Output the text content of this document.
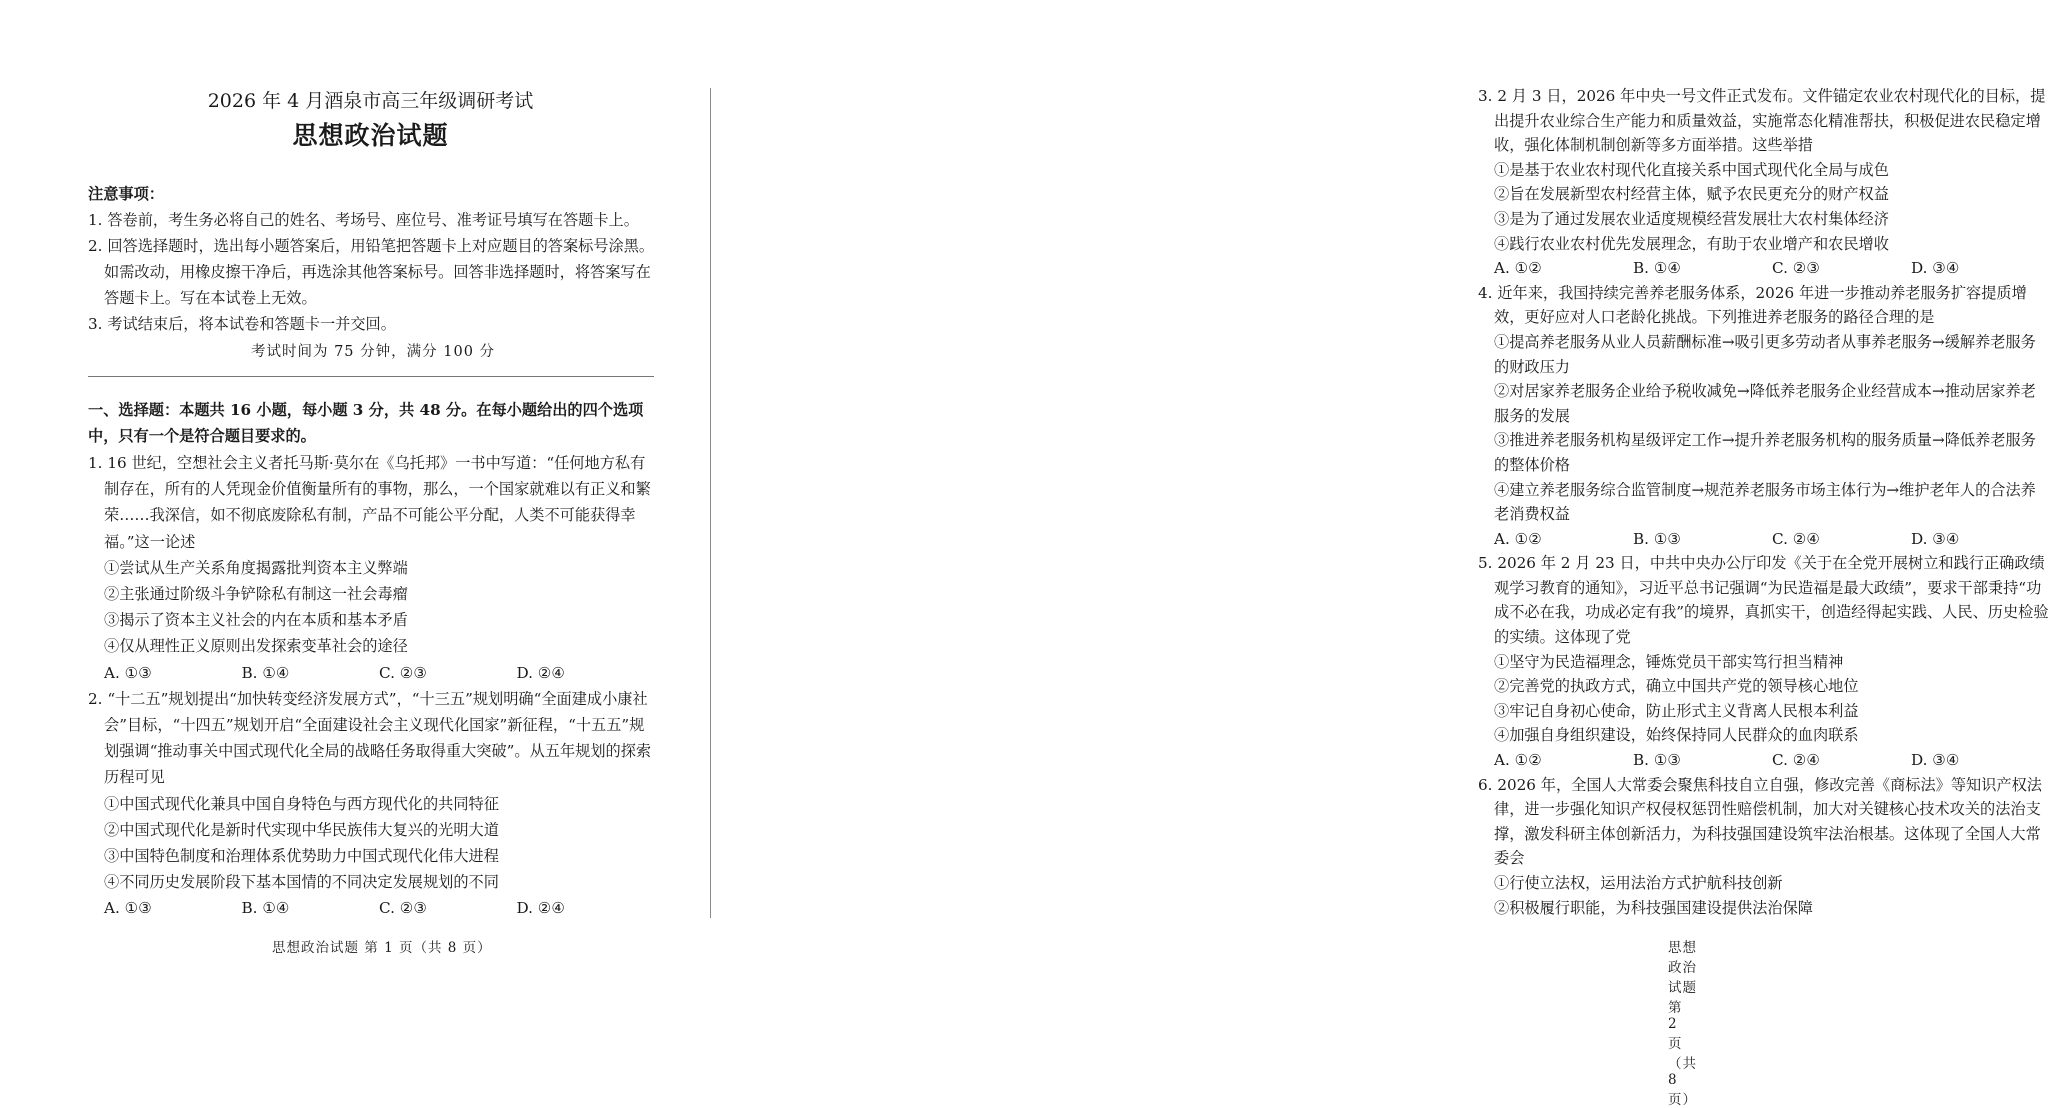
2026 年 4 月酒泉市高三年级调研考试
思想政治试题
注意事项：
1. 答卷前，考生务必将自己的姓名、考场号、座位号、准考证号填写在答题卡上。
2. 回答选择题时，选出每小题答案后，用铅笔把答题卡上对应题目的答案标号涂黑。如需改动，用橡皮擦干净后，再选涂其他答案标号。回答非选择题时，将答案写在答题卡上。写在本试卷上无效。
3. 考试结束后，将本试卷和答题卡一并交回。
考试时间为 75 分钟，满分 100 分
一、选择题：本题共 16 小题，每小题 3 分，共 48 分。在每小题给出的四个选项中，只有一个是符合题目要求的。
1. 16 世纪，空想社会主义者托马斯·莫尔在《乌托邦》一书中写道：“任何地方私有制存在，所有的人凭现金价值衡量所有的事物，那么，一个国家就难以有正义和繁荣……我深信，如不彻底废除私有制，产品不可能公平分配，人类不可能获得幸福。”这一论述
①尝试从生产关系角度揭露批判资本主义弊端
②主张通过阶级斗争铲除私有制这一社会毒瘤
③揭示了资本主义社会的内在本质和基本矛盾
④仅从理性正义原则出发探索变革社会的途径
A. ①③	B. ①④	C. ②③	D. ②④
2. “十二五”规划提出“加快转变经济发展方式”，“十三五”规划明确“全面建成小康社会”目标，“十四五”规划开启“全面建设社会主义现代化国家”新征程，“十五五”规划强调“推动事关中国式现代化全局的战略任务取得重大突破”。从五年规划的探索历程可见
①中国式现代化兼具中国自身特色与西方现代化的共同特征
②中国式现代化是新时代实现中华民族伟大复兴的光明大道
③中国特色制度和治理体系优势助力中国式现代化伟大进程
④不同历史发展阶段下基本国情的不同决定发展规划的不同
A. ①③	B. ①④	C. ②③	D. ②④
思想政治试题 第 1 页（共 8 页）
3. 2 月 3 日，2026 年中央一号文件正式发布。文件锚定农业农村现代化的目标，提出提升农业综合生产能力和质量效益，实施常态化精准帮扶，积极促进农民稳定增收，强化体制机制创新等多方面举措。这些举措
①是基于农业农村现代化直接关系中国式现代化全局与成色
②旨在发展新型农村经营主体，赋予农民更充分的财产权益
③是为了通过发展农业适度规模经营发展壮大农村集体经济
④践行农业农村优先发展理念，有助于农业增产和农民增收
A. ①②	B. ①④	C. ②③	D. ③④
4. 近年来，我国持续完善养老服务体系，2026 年进一步推动养老服务扩容提质增效，更好应对人口老龄化挑战。下列推进养老服务的路径合理的是
①提高养老服务从业人员薪酬标准→吸引更多劳动者从事养老服务→缓解养老服务的财政压力
②对居家养老服务企业给予税收减免→降低养老服务企业经营成本→推动居家养老服务的发展
③推进养老服务机构星级评定工作→提升养老服务机构的服务质量→降低养老服务的整体价格
④建立养老服务综合监管制度→规范养老服务市场主体行为→维护老年人的合法养老消费权益
A. ①②	B. ①③	C. ②④	D. ③④
5. 2026 年 2 月 23 日，中共中央办公厅印发《关于在全党开展树立和践行正确政绩观学习教育的通知》，习近平总书记强调“为民造福是最大政绩”，要求干部秉持“功成不必在我，功成必定有我”的境界，真抓实干，创造经得起实践、人民、历史检验的实绩。这体现了党
①坚守为民造福理念，锤炼党员干部实笃行担当精神
②完善党的执政方式，确立中国共产党的领导核心地位
③牢记自身初心使命，防止形式主义背离人民根本利益
④加强自身组织建设，始终保持同人民群众的血肉联系
A. ①②	B. ①③	C. ②④	D. ③④
6. 2026 年，全国人大常委会聚焦科技自立自强，修改完善《商标法》等知识产权法律，进一步强化知识产权侵权惩罚性赔偿机制，加大对关键核心技术攻关的法治支撑，激发科研主体创新活力，为科技强国建设筑牢法治根基。这体现了全国人大常委会
①行使立法权，运用法治方式护航科技创新
②积极履行职能，为科技强国建设提供法治保障
思想政治试题 第 2 页（共 8 页）
